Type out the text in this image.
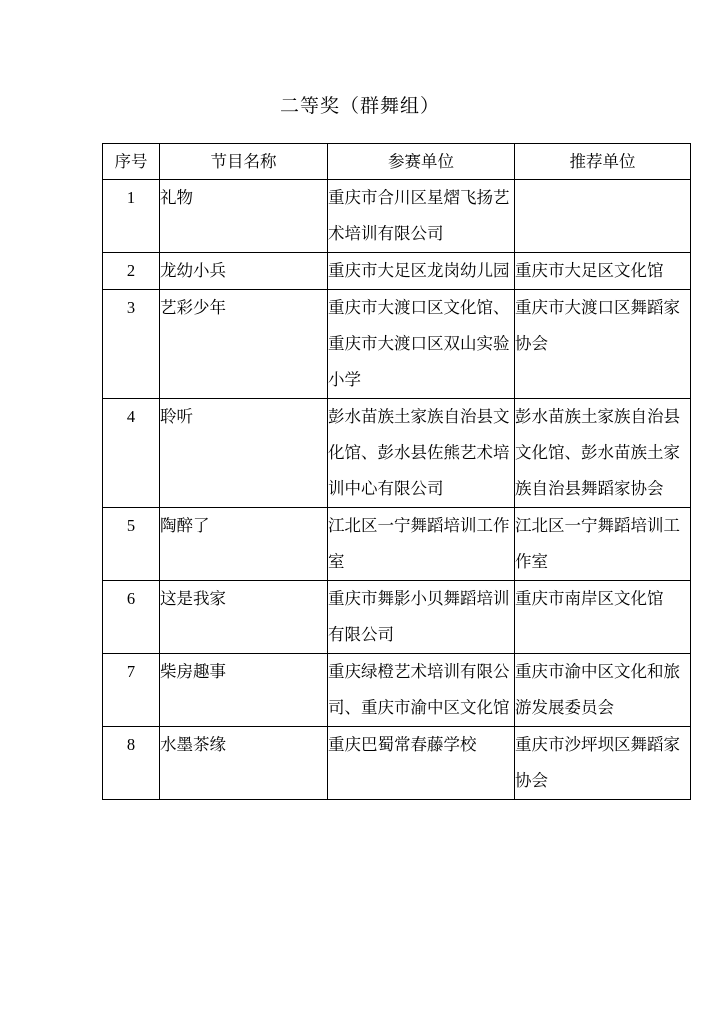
二等奖（群舞组）
序号	节目名称	参赛单位	推荐单位
1	礼物	重庆市合川区星熠飞扬艺术培训有限公司	
2	龙幼小兵	重庆市大足区龙岗幼儿园	重庆市大足区文化馆
3	艺彩少年	重庆市大渡口区文化馆、重庆市大渡口区双山实验小学	重庆市大渡口区舞蹈家协会
4	聆听	彭水苗族土家族自治县文化馆、彭水县佐熊艺术培训中心有限公司	彭水苗族土家族自治县文化馆、彭水苗族土家族自治县舞蹈家协会
5	陶醉了	江北区一宁舞蹈培训工作室	江北区一宁舞蹈培训工作室
6	这是我家	重庆市舞影小贝舞蹈培训有限公司	重庆市南岸区文化馆
7	柴房趣事	重庆绿橙艺术培训有限公司、重庆市渝中区文化馆	重庆市渝中区文化和旅游发展委员会
8	水墨茶缘	重庆巴蜀常春藤学校	重庆市沙坪坝区舞蹈家协会
